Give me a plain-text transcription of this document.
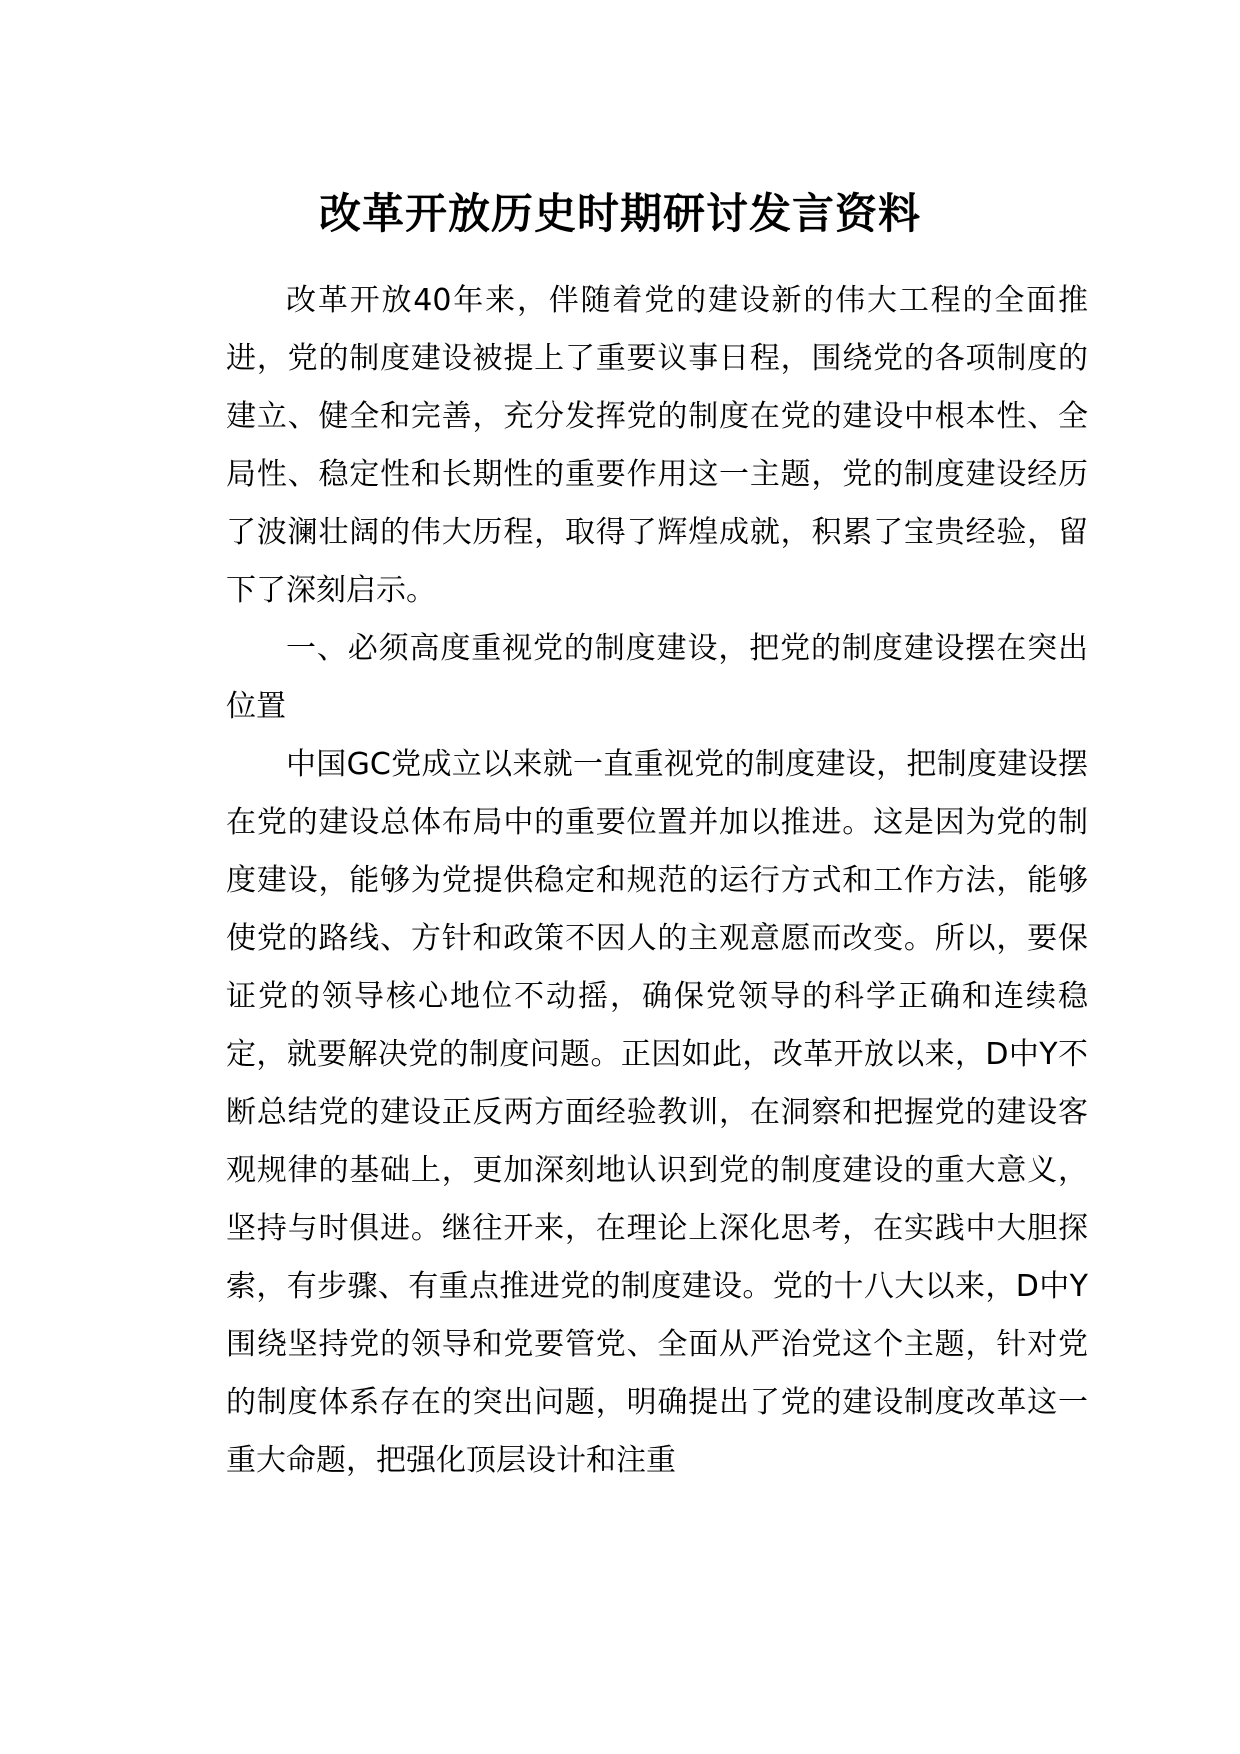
改革开放历史时期研讨发言资料

改革开放40年来，伴随着党的建设新的伟大工程的全面推进，党的制度建设被提上了重要议事日程，围绕党的各项制度的建立、健全和完善，充分发挥党的制度在党的建设中根本性、全局性、稳定性和长期性的重要作用这一主题，党的制度建设经历了波澜壮阔的伟大历程，取得了辉煌成就，积累了宝贵经验，留下了深刻启示。

一、必须高度重视党的制度建设，把党的制度建设摆在突出位置

中国GC党成立以来就一直重视党的制度建设，把制度建设摆在党的建设总体布局中的重要位置并加以推进。这是因为党的制度建设，能够为党提供稳定和规范的运行方式和工作方法，能够使党的路线、方针和政策不因人的主观意愿而改变。所以，要保证党的领导核心地位不动摇，确保党领导的科学正确和连续稳定，就要解决党的制度问题。正因如此，改革开放以来，D中Y不断总结党的建设正反两方面经验教训，在洞察和把握党的建设客观规律的基础上，更加深刻地认识到党的制度建设的重大意义，坚持与时俱进。继往开来，在理论上深化思考，在实践中大胆探索，有步骤、有重点推进党的制度建设。党的十八大以来，D中Y围绕坚持党的领导和党要管党、全面从严治党这个主题，针对党的制度体系存在的突出问题，明确提出了党的建设制度改革这一重大命题，把强化顶层设计和注重
